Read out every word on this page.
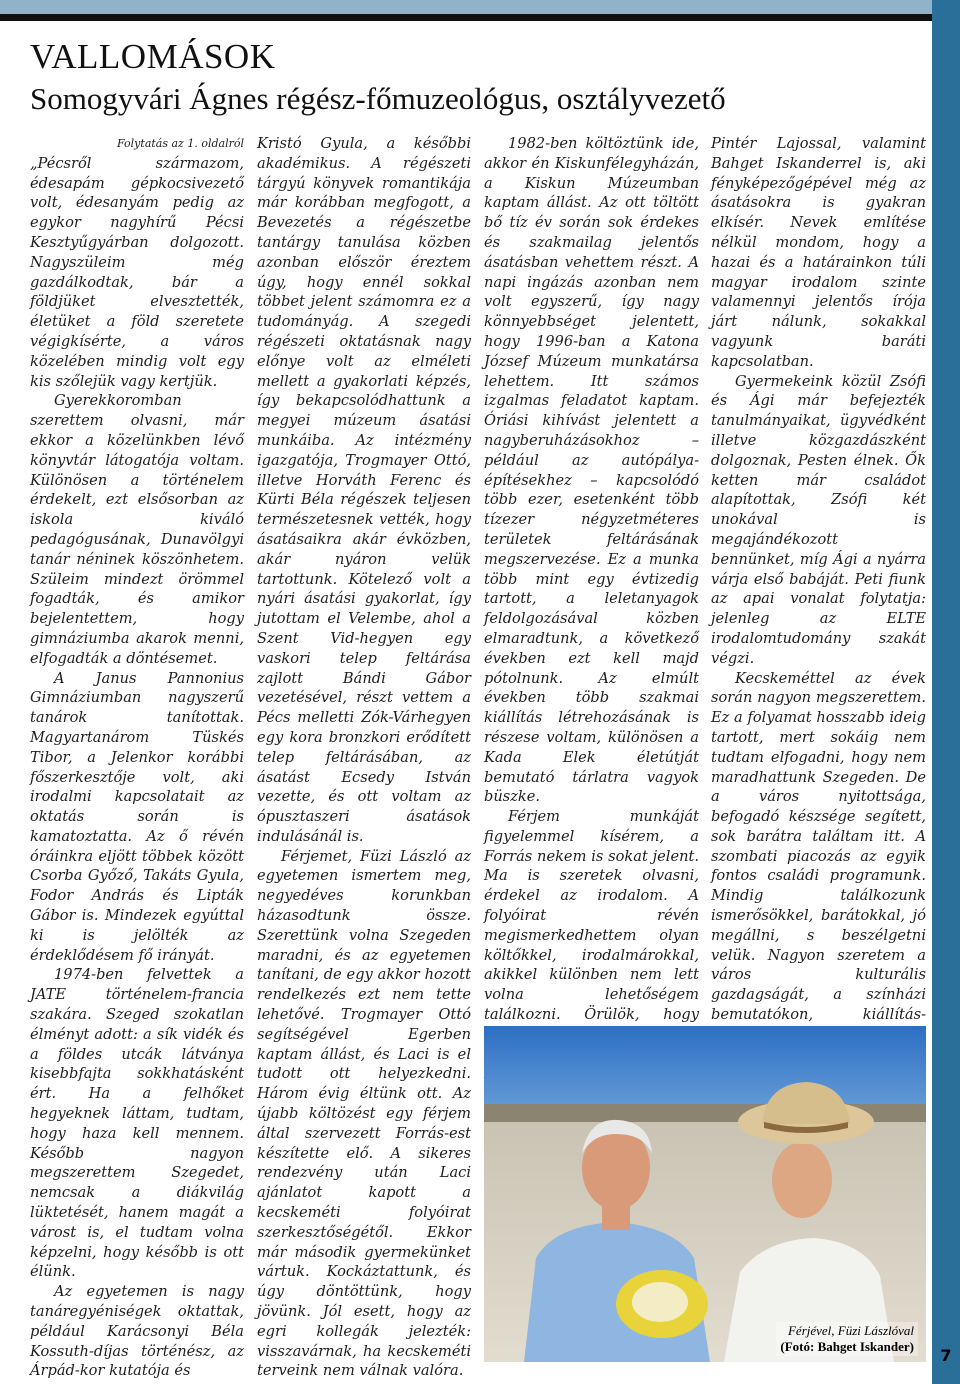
7
VALLOMÁSOK
Somogyvári Ágnes régész-főmuzeológus, osztályvezető
Folytatás az 1. oldalról

„Pécsről származom, édesapám gépkocsivezető volt, édesanyám pedig az egykor nagyhírű Pécsi Kesztyűgyárban dolgozott. Nagyszüleim még gazdálkodtak, bár a földjüket elvesztették, életüket a föld szeretete végigkísérte, a város közelében mindig volt egy kis szőlejük vagy kertjük.

Gyerekkoromban szerettem olvasni, már ekkor a közelünkben lévő könyvtár látogatója voltam. Különösen a történelem érdekelt, ezt elsősorban az iskola kiváló pedagógusának, Dunavölgyi tanár néninek köszönhetem. Szüleim mindezt örömmel fogadták, és amikor bejelentettem, hogy gimnáziumba akarok menni, elfogadták a döntésemet.

A Janus Pannonius Gimnáziumban nagyszerű tanárok tanítottak. Magyartanárom Tüskés Tibor, a Jelenkor korábbi főszerkesztője volt, aki irodalmi kapcsolatait az oktatás során is kamatoztatta. Az ő révén óráinkra eljött többek között Csorba Győző, Takáts Gyula, Fodor András és Lipták Gábor is. Mindezek egyúttal ki is jelölték az érdeklődésem fő irányát.

1974-ben felvettek a JATE történelem-francia szakára. Szeged szokatlan élményt adott: a sík vidék és a földes utcák látványa kisebbfajta sokkhatásként ért. Ha a felhőket hegyeknek láttam, tudtam, hogy haza kell mennem. Később nagyon megszerettem Szegedet, nemcsak a diákvilág lüktetését, hanem magát a várost is, el tudtam volna képzelni, hogy később is ott élünk.

Az egyetemen is nagy tanáregyéniségek oktattak, például Karácsonyi Béla Kossuth-díjas történész, az Árpád-kor kutatója és

Kristó Gyula, a későbbi akadémikus. A régészeti tárgyú könyvek romantikája már korábban megfogott, a Bevezetés a régészetbe tantárgy tanulása közben azonban először éreztem úgy, hogy ennél sokkal többet jelent számomra ez a tudományág. A szegedi régészeti oktatásnak nagy előnye volt az elméleti mellett a gyakorlati képzés, így bekapcsolódhattunk a megyei múzeum ásatási munkáiba. Az intézmény igazgatója, Trogmayer Ottó, illetve Horváth Ferenc és Kürti Béla régészek teljesen természetesnek vették, hogy ásatásaikra akár évközben, akár nyáron velük tartottunk. Kötelező volt a nyári ásatási gyakorlat, így jutottam el Velembe, ahol a Szent Vid-hegyen egy vaskori telep feltárása zajlott Bándi Gábor vezetésével, részt vettem a Pécs melletti Zók-Várhegyen egy kora bronzkori erődített telep feltárásában, az ásatást Ecsedy István vezette, és ott voltam az ópusztaszeri ásatások indulásánál is.

Férjemet, Füzi László az egyetemen ismertem meg, negyedéves korunkban házasodtunk össze. Szerettünk volna Szegeden maradni, és az egyetemen tanítani, de egy akkor hozott rendelkezés ezt nem tette lehetővé. Trogmayer Ottó segítségével Egerben kaptam állást, és Laci is el tudott ott helyezkedni. Három évig éltünk ott. Az újabb költözést egy férjem által szervezett Forrás-est készítette elő. A sikeres rendezvény után Laci ajánlatot kapott a kecskeméti folyóirat szerkesztőségétől. Ekkor már második gyermekünket vártuk. Kockáztattunk, és úgy döntöttünk, hogy jövünk. Jól esett, hogy az egri kollegák jelezték: visszavárnak, ha kecskeméti terveink nem válnak valóra.

1982-ben költöztünk ide, akkor én Kiskunfélegyházán, a Kiskun Múzeumban kaptam állást. Az ott töltött bő tíz év során sok érdekes és szakmailag jelentős ásatásban vehettem részt. A napi ingázás azonban nem volt egyszerű, így nagy könnyebbséget jelentett, hogy 1996-ban a Katona József Múzeum munkatársa lehettem. Itt számos izgalmas feladatot kaptam. Óriási kihívást jelentett a nagyberuházásokhoz – például az autópálya-építésekhez – kapcsolódó több ezer, esetenként több tízezer négyzetméteres területek feltárásának megszervezése. Ez a munka több mint egy évtizedig tartott, a leletanyagok feldolgozásával közben elmaradtunk, a következő években ezt kell majd pótolnunk. Az elmúlt években több szakmai kiállítás létrehozásának is részese voltam, különösen a Kada Elek életútját bemutató tárlatra vagyok büszke.

Férjem munkáját figyelemmel kísérem, a Forrás nekem is sokat jelent. Ma is szeretek olvasni, érdekel az irodalom. A folyóirat révén megismerkedhettem olyan költőkkel, irodalmárokkal, akikkel különben nem lett volna lehetőségem találkozni. Örülök, hogy

Pintér Lajossal, valamint Bahget Iskanderrel is, aki fényképezőgépével még az ásatásokra is gyakran elkísér. Nevek említése nélkül mondom, hogy a hazai és a határainkon túli magyar irodalom szinte valamennyi jelentős írója járt nálunk, sokakkal vagyunk baráti kapcsolatban.

Gyermekeink közül Zsófi és Ági már befejezték tanulmányaikat, ügyvédként illetve közgazdászként dolgoznak, Pesten élnek. Ők ketten már családot alapítottak, Zsófi két unokával is megajándékozott bennünket, míg Ági a nyárra várja első babáját. Peti fiunk az apai vonalat folytatja: jelenleg az ELTE irodalomtudomány szakát végzi.

Kecskeméttel az évek során nagyon megszerettem. Ez a folyamat hosszabb ideig tartott, mert sokáig nem tudtam elfogadni, hogy nem maradhattunk Szegeden. De a város nyitottsága, befogadó készsége segített, sok barátra találtam itt. A szombati piacozás az egyik fontos családi programunk. Mindig találkozunk ismerősökkel, barátokkal, jó megállni, s beszélgetni velük. Nagyon szeretem a város kulturális gazdagságát, a színházi bemutatókon, kiállítás-

Férjével, Füzi Lászlóval
(Fotó: Bahget Iskander)
